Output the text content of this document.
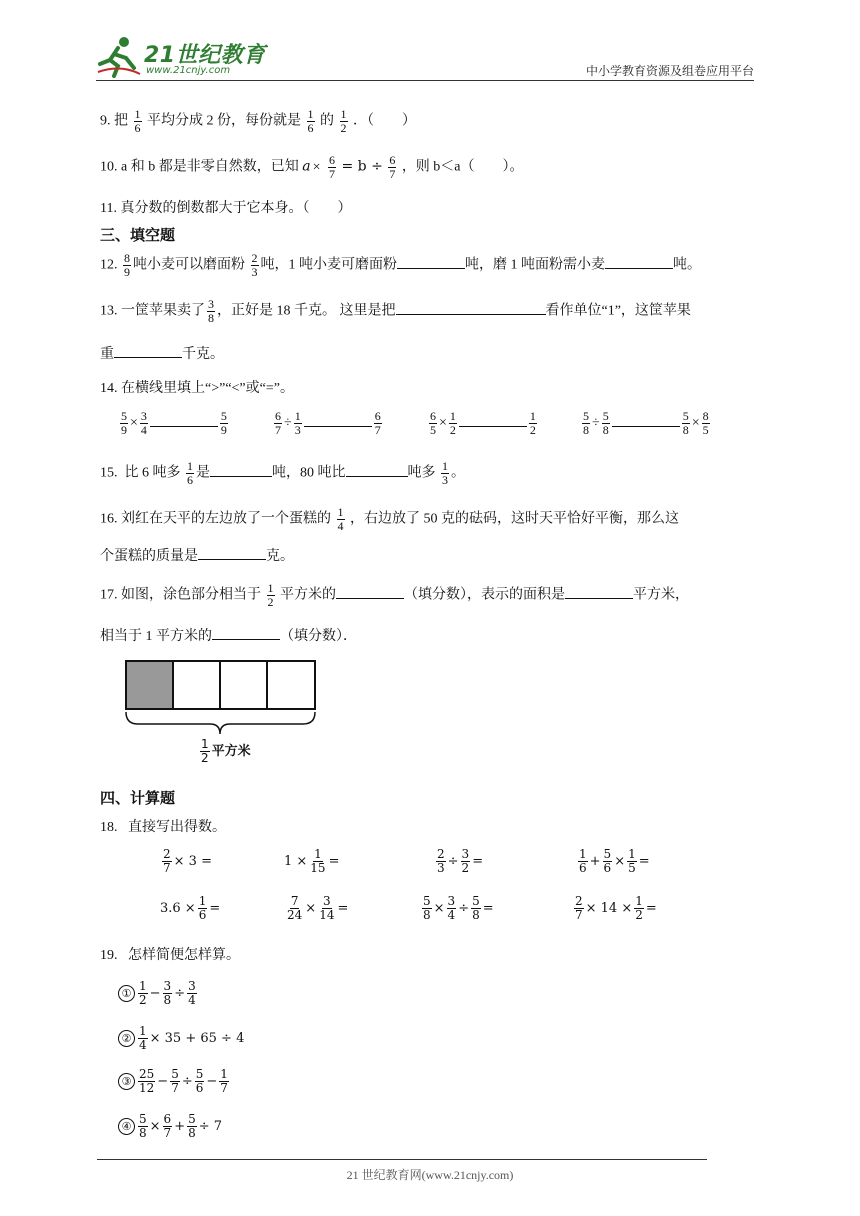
21世纪教育
www.21cnjy.com	中小学教育资源及组卷应用平台
9. 把 $\frac{1}{6}$ 平均分成 2 份，每份就是 $\frac{1}{6}$ 的 $\frac{1}{2}$ ．（　　）
10. a 和 b 都是非零自然数，已知 $a \times \frac{6}{7} = b \div \frac{6}{7}$ ，则 b＜a（　　）。
11. 真分数的倒数都大于它本身。（　　）
三、填空题
12. $\frac{8}{9}$ 吨小麦可以磨面粉 $\frac{2}{3}$ 吨，1 吨小麦可磨面粉	吨，磨 1 吨面粉需小麦	吨。
13. 一筐苹果卖了 $\frac{3}{8}$ ，正好是 18 千克。 这里是把	看作单位“1”，这筐苹果
重	千克。
14. 在横线里填上“>”“<”或“=”。
$\frac{5}{9} \times \frac{3}{4}$	$\frac{5}{9}$	$\frac{6}{7} \div \frac{1}{3}$	$\frac{6}{7}$	$\frac{6}{5} \times \frac{1}{2}$	$\frac{1}{2}$	$\frac{5}{8} \div \frac{5}{8}$	$\frac{5}{8} \times \frac{8}{5}$
15. 比 6 吨多 $\frac{1}{6}$ 是	吨，80 吨比	吨多 $\frac{1}{3}$ 。
16. 刘红在天平的左边放了一个蛋糕的 $\frac{1}{4}$ ，右边放了 50 克的砝码，这时天平恰好平衡，那么这
个蛋糕的质量是	克。
17. 如图，涂色部分相当于 $\frac{1}{2}$ 平方米的	（填分数），表示的面积是	平方米，
相当于 1 平方米的	（填分数）．
$\frac{1}{2}$ 平方米
四、计算题
18. 直接写出得数。
$\frac{2}{7} \times 3$ =	$1 \times \frac{1}{15}$ =	$\frac{2}{3} \div \frac{3}{2}$ =	$\frac{1}{6} + \frac{5}{6} \times \frac{1}{5}$ =
$3.6 \times \frac{1}{6}$ =	$\frac{7}{24} \times \frac{3}{14}$ =	$\frac{5}{8} \times \frac{3}{4} \div \frac{5}{8}$ =	$\frac{2}{7} \times 14 \times \frac{1}{2}$ =
19. 怎样简便怎样算。
① $\frac{1}{2} - \frac{3}{8} \div \frac{3}{4}$
② $\frac{1}{4} \times 35 + 65 \div 4$
③ $\frac{25}{12} - \frac{5}{7} \div \frac{5}{6} - \frac{1}{7}$
④ $\frac{5}{8} \times \frac{6}{7} + \frac{5}{8} \div 7$
21 世纪教育网(www.21cnjy.com)
